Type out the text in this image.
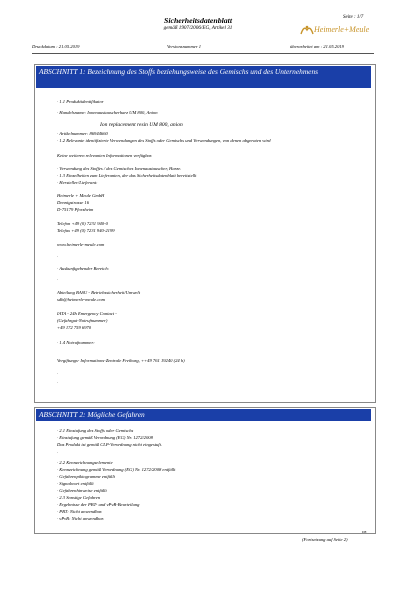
Seite : 1/7
Sicherheitsdatenblatt
gemäß 1907/2006/EG, Artikel 31	Heimerle+Meule
Druckdatum : 21.05.2019	Versionsnummer 1	überarbeitet am : 21.05.2019
ABSCHNITT 1: Bezeichnung des Stoffs beziehungsweise des Gemischs und des Unternehmens
· 1.1 Produktidentifikator
· Handelsname: Ionenaustauscherharz UM 800, Anion
Ion replacement resin UM 800, anion
· Artikelnummer: 86944660
· 1.2 Relevante identifizierte Verwendungen des Stoffs oder Gemischs und Verwendungen, von denen abgeraten wird
Keine weiteren relevanten Informationen verfügbar.
· Verwendung des Stoffes / des Gemisches Ionenaustauscher, Harze.
· 1.3 Einzelheiten zum Lieferanten, der das Sicherheitsdatenblatt bereitstellt
· Hersteller/Lieferant:
Heimerle + Meule GmbH
Dennigstrasse 16
D-75179 Pforzheim
Telefon +49 (0) 7231 940-0
Telefax +49 (0) 7231 940-2199
www.heimerle-meule.com
·
· Auskunftgebender Bereich:
·
Abteilung BASU - Betriebssicherheit/Umwelt
sdb@heimerle-meule.com
IATA - 24h Emergency Contact -
(Gefahrgut-Notrufnummer)
+49 172 759 6970
· 1.4 Notrufnummer:
Vergiftungs- Informations-Zentrale Freiburg, ++49 761 19240 (24 h)
·
·
ABSCHNITT 2: Mögliche Gefahren
· 2.1 Einstufung des Stoffs oder Gemischs
· Einstufung gemäß Verordnung (EG) Nr. 1272/2008
Das Produkt ist gemäß CLP-Verordnung nicht eingestuft.
·
· 2.2 Kennzeichnungselemente
· Kennzeichnung gemäß Verordnung (EG) Nr. 1272/2008 entfällt
· Gefahrenpiktogramme entfällt
· Signalwort entfällt
· Gefahrenhinweise entfällt
· 2.3 Sonstige Gefahren
· Ergebnisse der PBT- und vPvB-Beurteilung
· PBT: Nicht anwendbar.
· vPvB: Nicht anwendbar.
DE
(Fortsetzung auf Seite 2)
